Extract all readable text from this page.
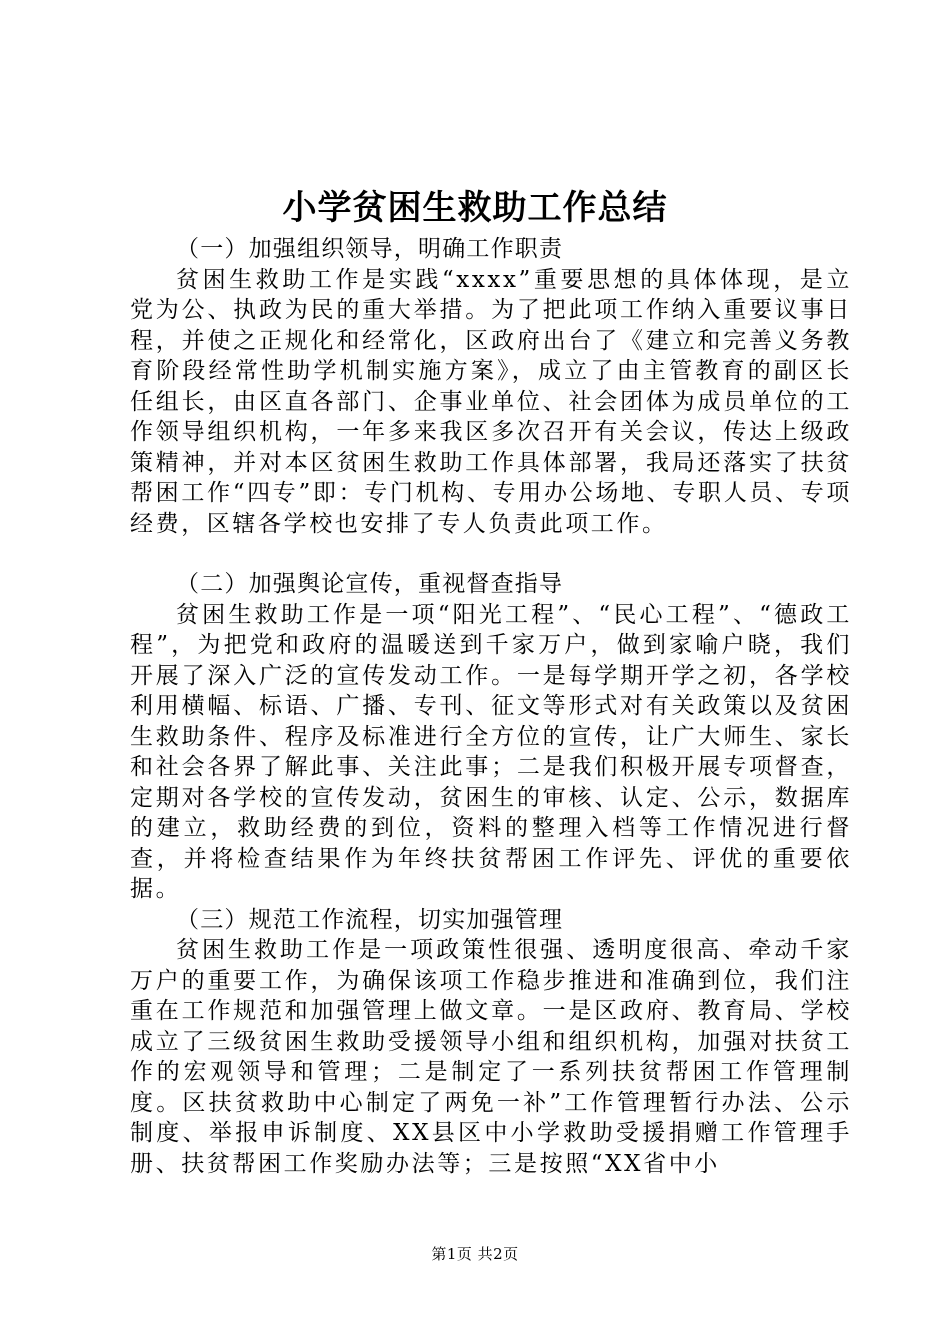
小学贫困生救助工作总结

（一）加强组织领导，明确工作职责

贫困生救助工作是实践“xxxx”重要思想的具体体现，是立党为公、执政为民的重大举措。为了把此项工作纳入重要议事日程，并使之正规化和经常化，区政府出台了《建立和完善义务教育阶段经常性助学机制实施方案》，成立了由主管教育的副区长任组长，由区直各部门、企事业单位、社会团体为成员单位的工作领导组织机构，一年多来我区多次召开有关会议，传达上级政策精神，并对本区贫困生救助工作具体部署，我局还落实了扶贫帮困工作“四专”即：专门机构、专用办公场地、专职人员、专项经费，区辖各学校也安排了专人负责此项工作。

（二）加强舆论宣传，重视督查指导

贫困生救助工作是一项“阳光工程”、“民心工程”、“德政工程”，为把党和政府的温暖送到千家万户，做到家喻户晓，我们开展了深入广泛的宣传发动工作。一是每学期开学之初，各学校利用横幅、标语、广播、专刊、征文等形式对有关政策以及贫困生救助条件、程序及标准进行全方位的宣传，让广大师生、家长和社会各界了解此事、关注此事；二是我们积极开展专项督查，定期对各学校的宣传发动，贫困生的审核、认定、公示，数据库的建立，救助经费的到位，资料的整理入档等工作情况进行督查，并将检查结果作为年终扶贫帮困工作评先、评优的重要依据。

（三）规范工作流程，切实加强管理

贫困生救助工作是一项政策性很强、透明度很高、牵动千家万户的重要工作，为确保该项工作稳步推进和准确到位，我们注重在工作规范和加强管理上做文章。一是区政府、教育局、学校成立了三级贫困生救助受援领导小组和组织机构，加强对扶贫工作的宏观领导和管理；二是制定了一系列扶贫帮困工作管理制度。区扶贫救助中心制定了两免一补”工作管理暂行办法、公示制度、举报申诉制度、XX县区中小学救助受援捐赠工作管理手册、扶贫帮困工作奖励办法等；三是按照“XX省中小

第1页 共2页
